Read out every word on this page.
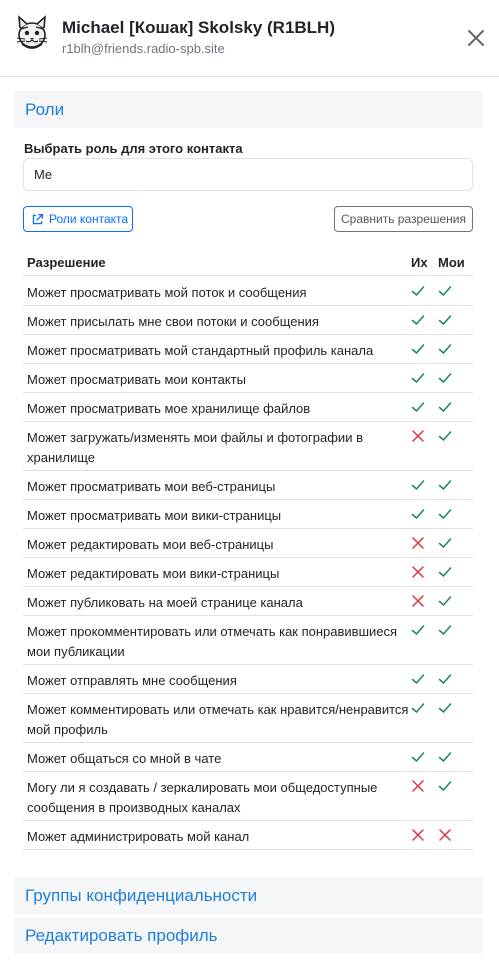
Michael [Кошак] Skolsky (R1BLH)
r1blh@friends.radio-spb.site
Роли
Выбрать роль для этого контакта
Me
Роли контакта	Сравнить разрешения
Разрешение	Их Мои
Может просматривать мой поток и сообщения
Может присылать мне свои потоки и сообщения
Может просматривать мой стандартный профиль канала
Может просматривать мои контакты
Может просматривать мое хранилище файлов
Может загружать/изменять мои файлы и фотографии в хранилище
Может просматривать мои веб-страницы
Может просматривать мои вики-страницы
Может редактировать мои веб-страницы
Может редактировать мои вики-страницы
Может публиковать на моей странице канала
Может прокомментировать или отмечать как понравившиеся мои публикации
Может отправлять мне сообщения
Может комментировать или отмечать как нравится/ненравится мой профиль
Может общаться со мной в чате
Могу ли я создавать / зеркалировать мои общедоступные сообщения в производных каналах
Может администрировать мой канал
Группы конфиденциальности
Редактировать профиль
